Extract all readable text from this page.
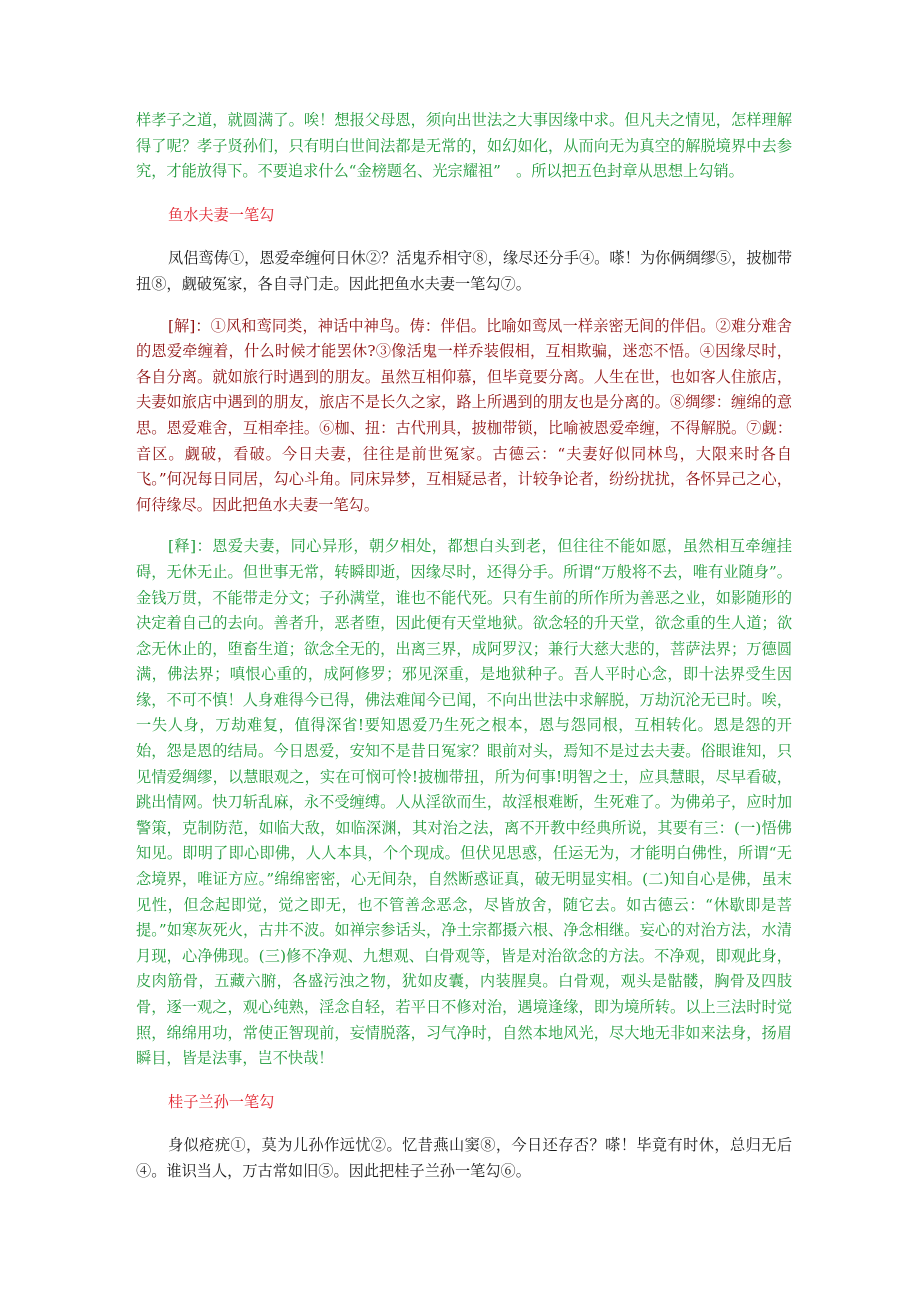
样孝子之道，就圆满了。唉！想报父母恩，须向出世法之大事因缘中求。但凡夫之情见，怎样理解得了呢？孝子贤孙们，只有明白世间法都是无常的，如幻如化，从而向无为真空的解脱境界中去参究，才能放得下。不要追求什么“金榜题名、光宗耀祖”　。所以把五色封章从思想上勾销。

鱼水夫妻一笔勾

凤侣鸾俦①，恩爱牵缠何日休②？活鬼乔相守⑧，缘尽还分手④。嗏！为你俩绸缪⑤，披枷带扭⑧，觑破冤家，各自寻门走。因此把鱼水夫妻一笔勾⑦。

[解]：①风和鸾同类，神话中神鸟。俦：伴侣。比喻如鸾凤一样亲密无间的伴侣。②难分难舍的恩爱牵缠着，什么时候才能罢休?③像活鬼一样乔装假相，互相欺骗，迷恋不悟。④因缘尽时，各自分离。就如旅行时遇到的朋友。虽然互相仰慕，但毕竟要分离。人生在世，也如客人住旅店，夫妻如旅店中遇到的朋友，旅店不是长久之家，路上所遇到的朋友也是分离的。⑧绸缪：缠绵的意思。恩爱难舍，互相牵挂。⑥枷、扭：古代刑具，披枷带锁，比喻被恩爱牵缠，不得解脱。⑦觑：音区。觑破，看破。今日夫妻，往往是前世冤家。古德云：“夫妻好似同林鸟，大限来时各自飞。”何况每日同居，勾心斗角。同床异梦，互相疑忌者，计较争论者，纷纷扰扰，各怀异己之心，何待缘尽。因此把鱼水夫妻一笔勾。

[释]：恩爱夫妻，同心异形，朝夕相处，都想白头到老，但往往不能如愿，虽然相互牵缠挂碍，无休无止。但世事无常，转瞬即逝，因缘尽时，还得分手。所谓“万般将不去，唯有业随身”。金钱万贯，不能带走分文；子孙满堂，谁也不能代死。只有生前的所作所为善恶之业，如影随形的决定着自己的去向。善者升，恶者堕，因此便有天堂地狱。欲念轻的升天堂，欲念重的生人道；欲念无休止的，堕畜生道；欲念全无的，出离三界，成阿罗汉；兼行大慈大悲的，菩萨法界；万德圆满，佛法界；嗔恨心重的，成阿修罗；邪见深重，是地狱种子。吾人平时心念，即十法界受生因缘，不可不慎！人身难得今已得，佛法难闻今已闻，不向出世法中求解脱，万劫沉沦无已时。唉，一失人身，万劫难复，值得深省!要知恩爱乃生死之根本，恩与怨同根，互相转化。恩是怨的开始，怨是恩的结局。今日恩爱，安知不是昔日冤家？眼前对头，焉知不是过去夫妻。俗眼谁知，只见情爱绸缪，以慧眼观之，实在可悯可怜!披枷带扭，所为何事!明智之士，应具慧眼，尽早看破，跳出情网。快刀斩乱麻，永不受缠缚。人从淫欲而生，故淫根难断，生死难了。为佛弟子，应时加警策，克制防范，如临大敌，如临深渊，其对治之法，离不开教中经典所说，其要有三：(一)悟佛知见。即明了即心即佛，人人本具，个个现成。但伏见思惑，任运无为，才能明白佛性，所谓“无念境界，唯证方应。”绵绵密密，心无间杂，自然断惑证真，破无明显实相。(二)知自心是佛，虽末见性，但念起即觉，觉之即无，也不管善念恶念，尽皆放舍，随它去。如古德云：“休歇即是菩提。”如寒灰死火，古井不波。如禅宗参话头，净土宗都摄六根、净念相继。妄心的对治方法，水清月现，心净佛现。(三)修不净观、九想观、白骨观等，皆是对治欲念的方法。不净观，即观此身，皮肉筋骨，五藏六腑，各盛污浊之物，犹如皮囊，内装腥臭。白骨观，观头是骷髅，胸骨及四肢骨，逐一观之，观心纯熟，淫念自轻，若平日不修对治，遇境逢缘，即为境所转。以上三法时时觉照，绵绵用功，常使正智现前，妄情脱落，习气净时，自然本地风光，尽大地无非如来法身，扬眉瞬目，皆是法事，岂不快哉！

桂子兰孙一笔勾

身似疮疣①，莫为儿孙作远忧②。忆昔燕山窦⑧，今日还存否？嗏！毕竟有时休，总归无后④。谁识当人，万古常如旧⑤。因此把桂子兰孙一笔勾⑥。
